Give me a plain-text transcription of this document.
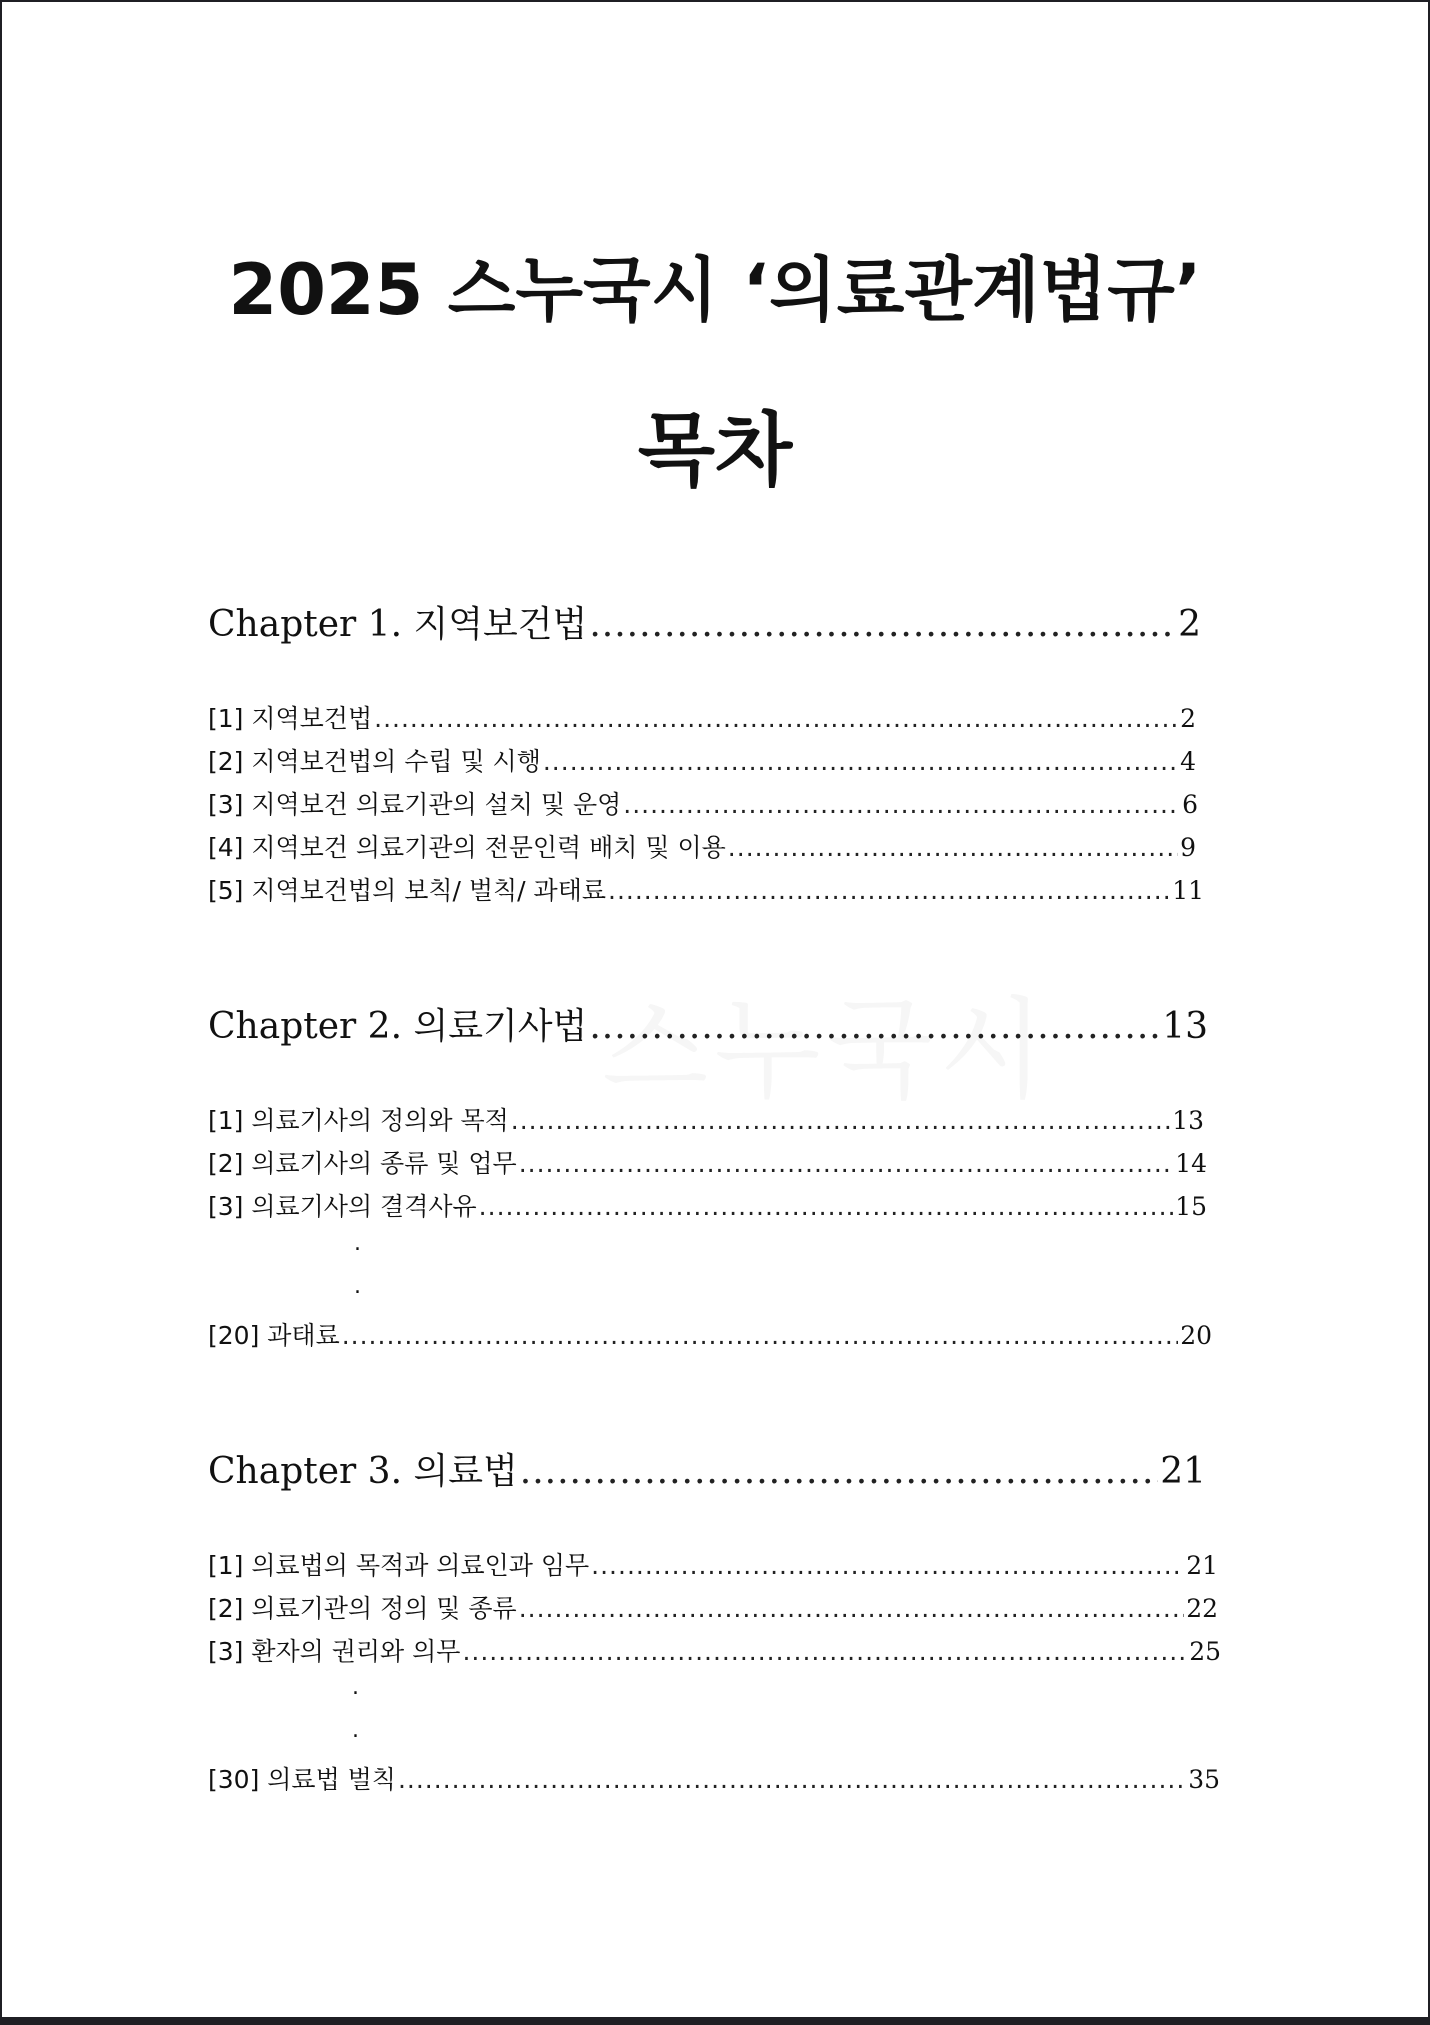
스누국시
2025 스누국시 ‘의료관계법규’
목차
Chapter 1. 지역보건법 .....	2
[1] 지역보건법 .....	2
[2] 지역보건법의 수립 및 시행 .....	4
[3] 지역보건 의료기관의 설치 및 운영 .....	6
[4] 지역보건 의료기관의 전문인력 배치 및 이용 .....	9
[5] 지역보건법의 보칙/ 벌칙/ 과태료 .....	11
Chapter 2. 의료기사법 .....	13
[1] 의료기사의 정의와 목적 .....	13
[2] 의료기사의 종류 및 업무 .....	14
[3] 의료기사의 결격사유 .....	15
.
.
[20] 과태료 .....	20
Chapter 3. 의료법 .....	21
[1] 의료법의 목적과 의료인과 임무 .....	21
[2] 의료기관의 정의 및 종류 .....	22
[3] 환자의 권리와 의무 .....	25
.
.
[30] 의료법 벌칙 .....	35
